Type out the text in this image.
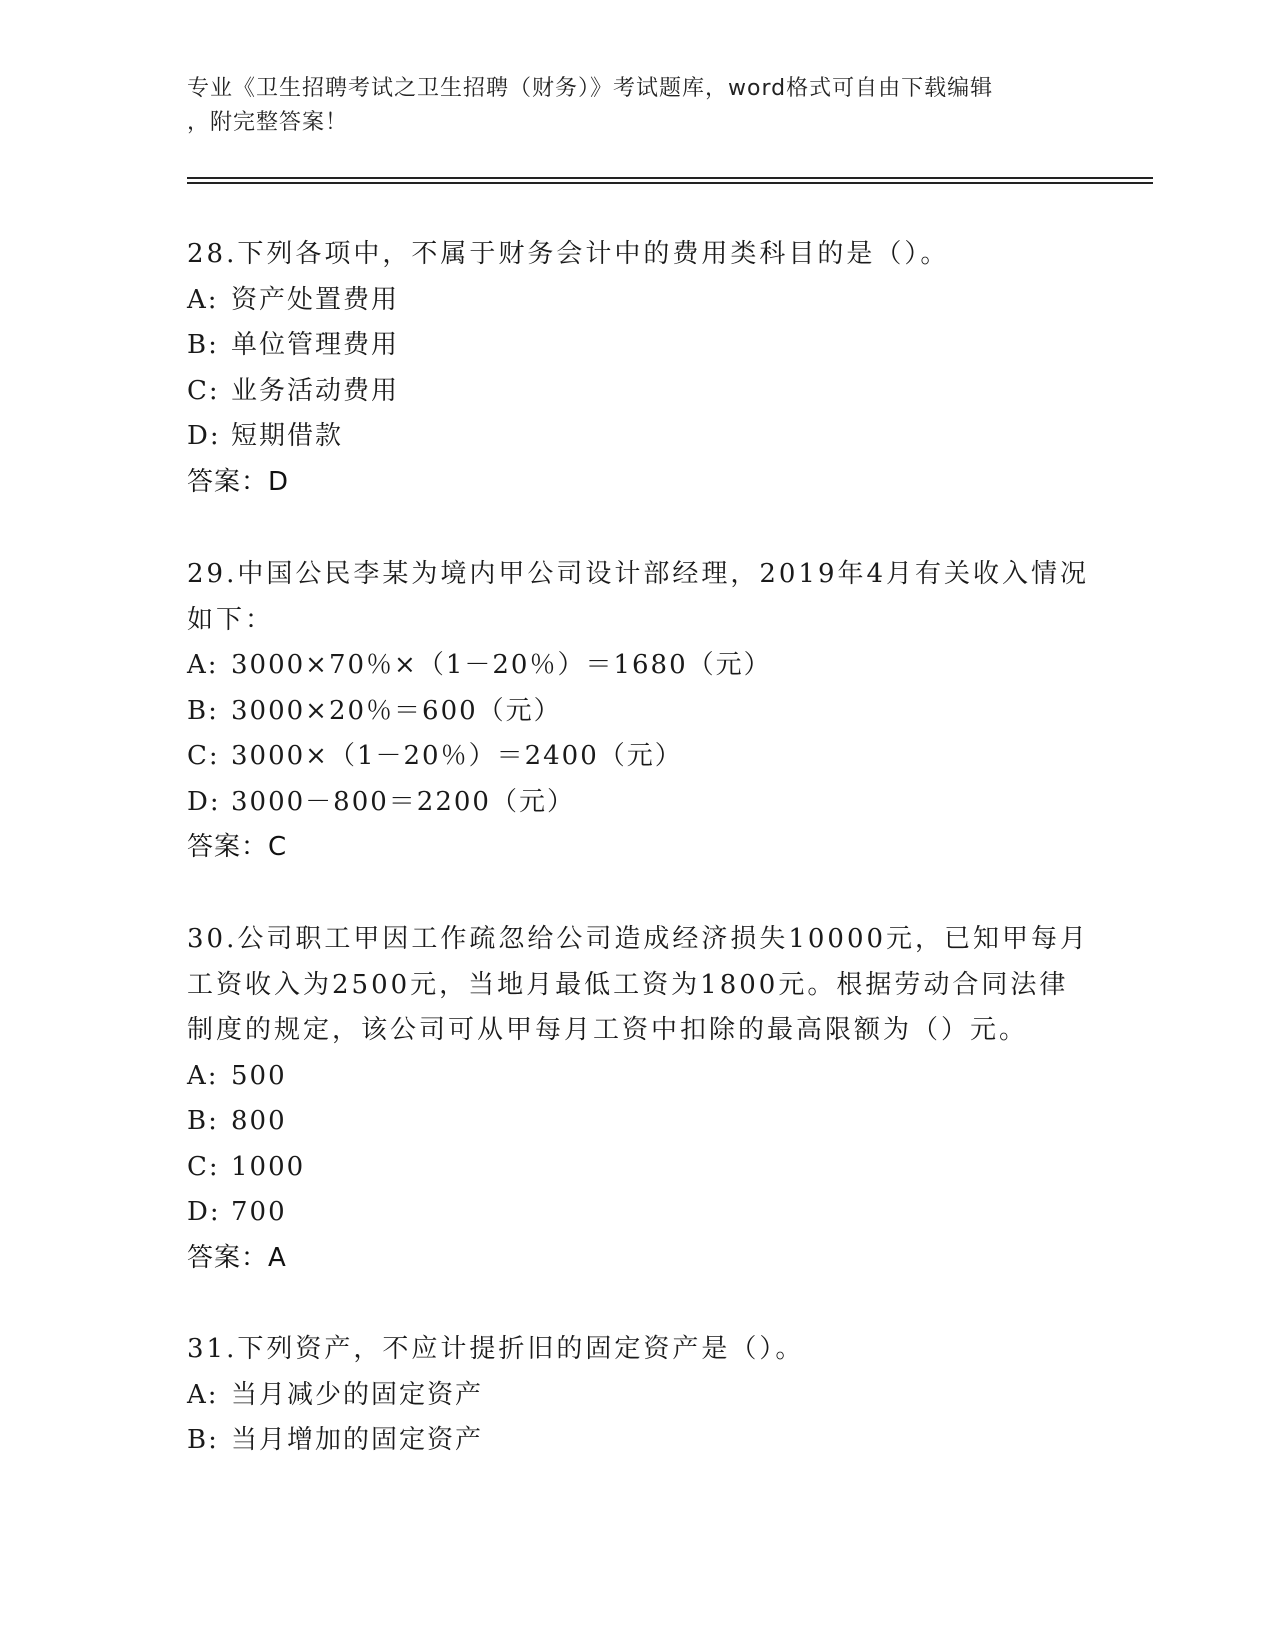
专业《卫生招聘考试之卫生招聘（财务）》考试题库，word格式可自由下载编辑
，附完整答案！
28.下列各项中，不属于财务会计中的费用类科目的是（）。
A: 资产处置费用
B: 单位管理费用
C: 业务活动费用
D: 短期借款
答案：D
29.中国公民李某为境内甲公司设计部经理，2019年4月有关收入情况
如下：
A: 3000×70％×（1－20％）＝1680（元）
B: 3000×20％＝600（元）
C: 3000×（1－20％）＝2400（元）
D: 3000－800＝2200（元）
答案：C
30.公司职工甲因工作疏忽给公司造成经济损失10000元，已知甲每月
工资收入为2500元，当地月最低工资为1800元。根据劳动合同法律
制度的规定，该公司可从甲每月工资中扣除的最高限额为（）元。
A: 500
B: 800
C: 1000
D: 700
答案：A
31.下列资产，不应计提折旧的固定资产是（）。
A: 当月减少的固定资产
B: 当月增加的固定资产
